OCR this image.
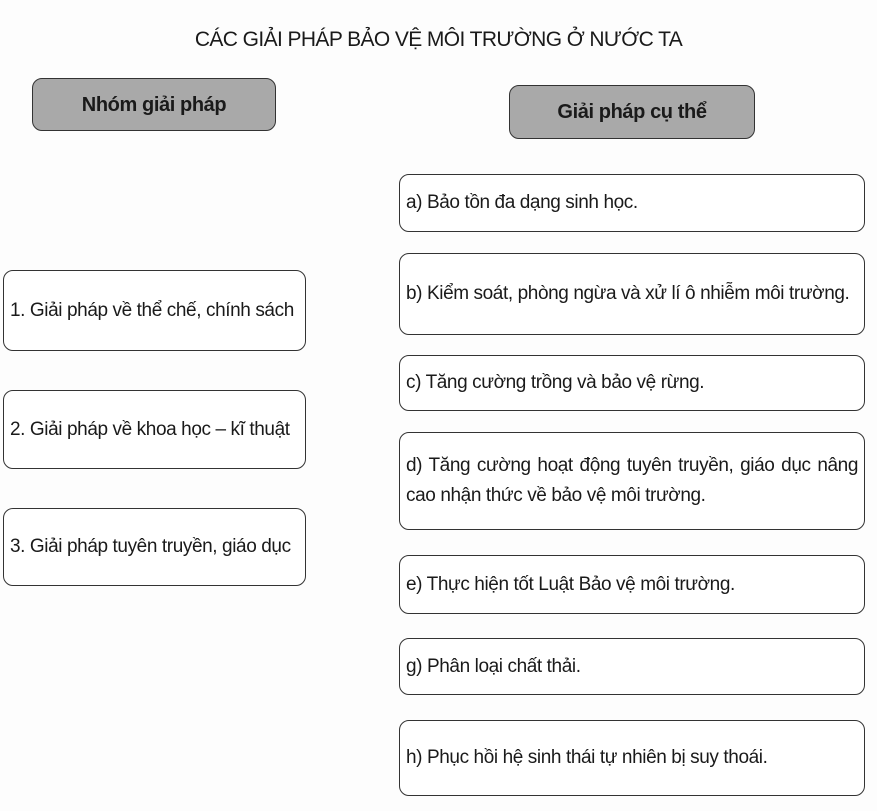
CÁC GIẢI PHÁP BẢO VỆ MÔI TRƯỜNG Ở NƯỚC TA
Nhóm giải pháp	Giải pháp cụ thể
1. Giải pháp về thể chế, chính sách
2. Giải pháp về khoa học – kĩ thuật
3. Giải pháp tuyên truyền, giáo dục
a) Bảo tồn đa dạng sinh học.
b) Kiểm soát, phòng ngừa và xử lí ô nhiễm môi trường.
c) Tăng cường trồng và bảo vệ rừng.
d) Tăng cường hoạt động tuyên truyền, giáo dục nâng cao nhận thức về bảo vệ môi trường.
e) Thực hiện tốt Luật Bảo vệ môi trường.
g) Phân loại chất thải.
h) Phục hồi hệ sinh thái tự nhiên bị suy thoái.
